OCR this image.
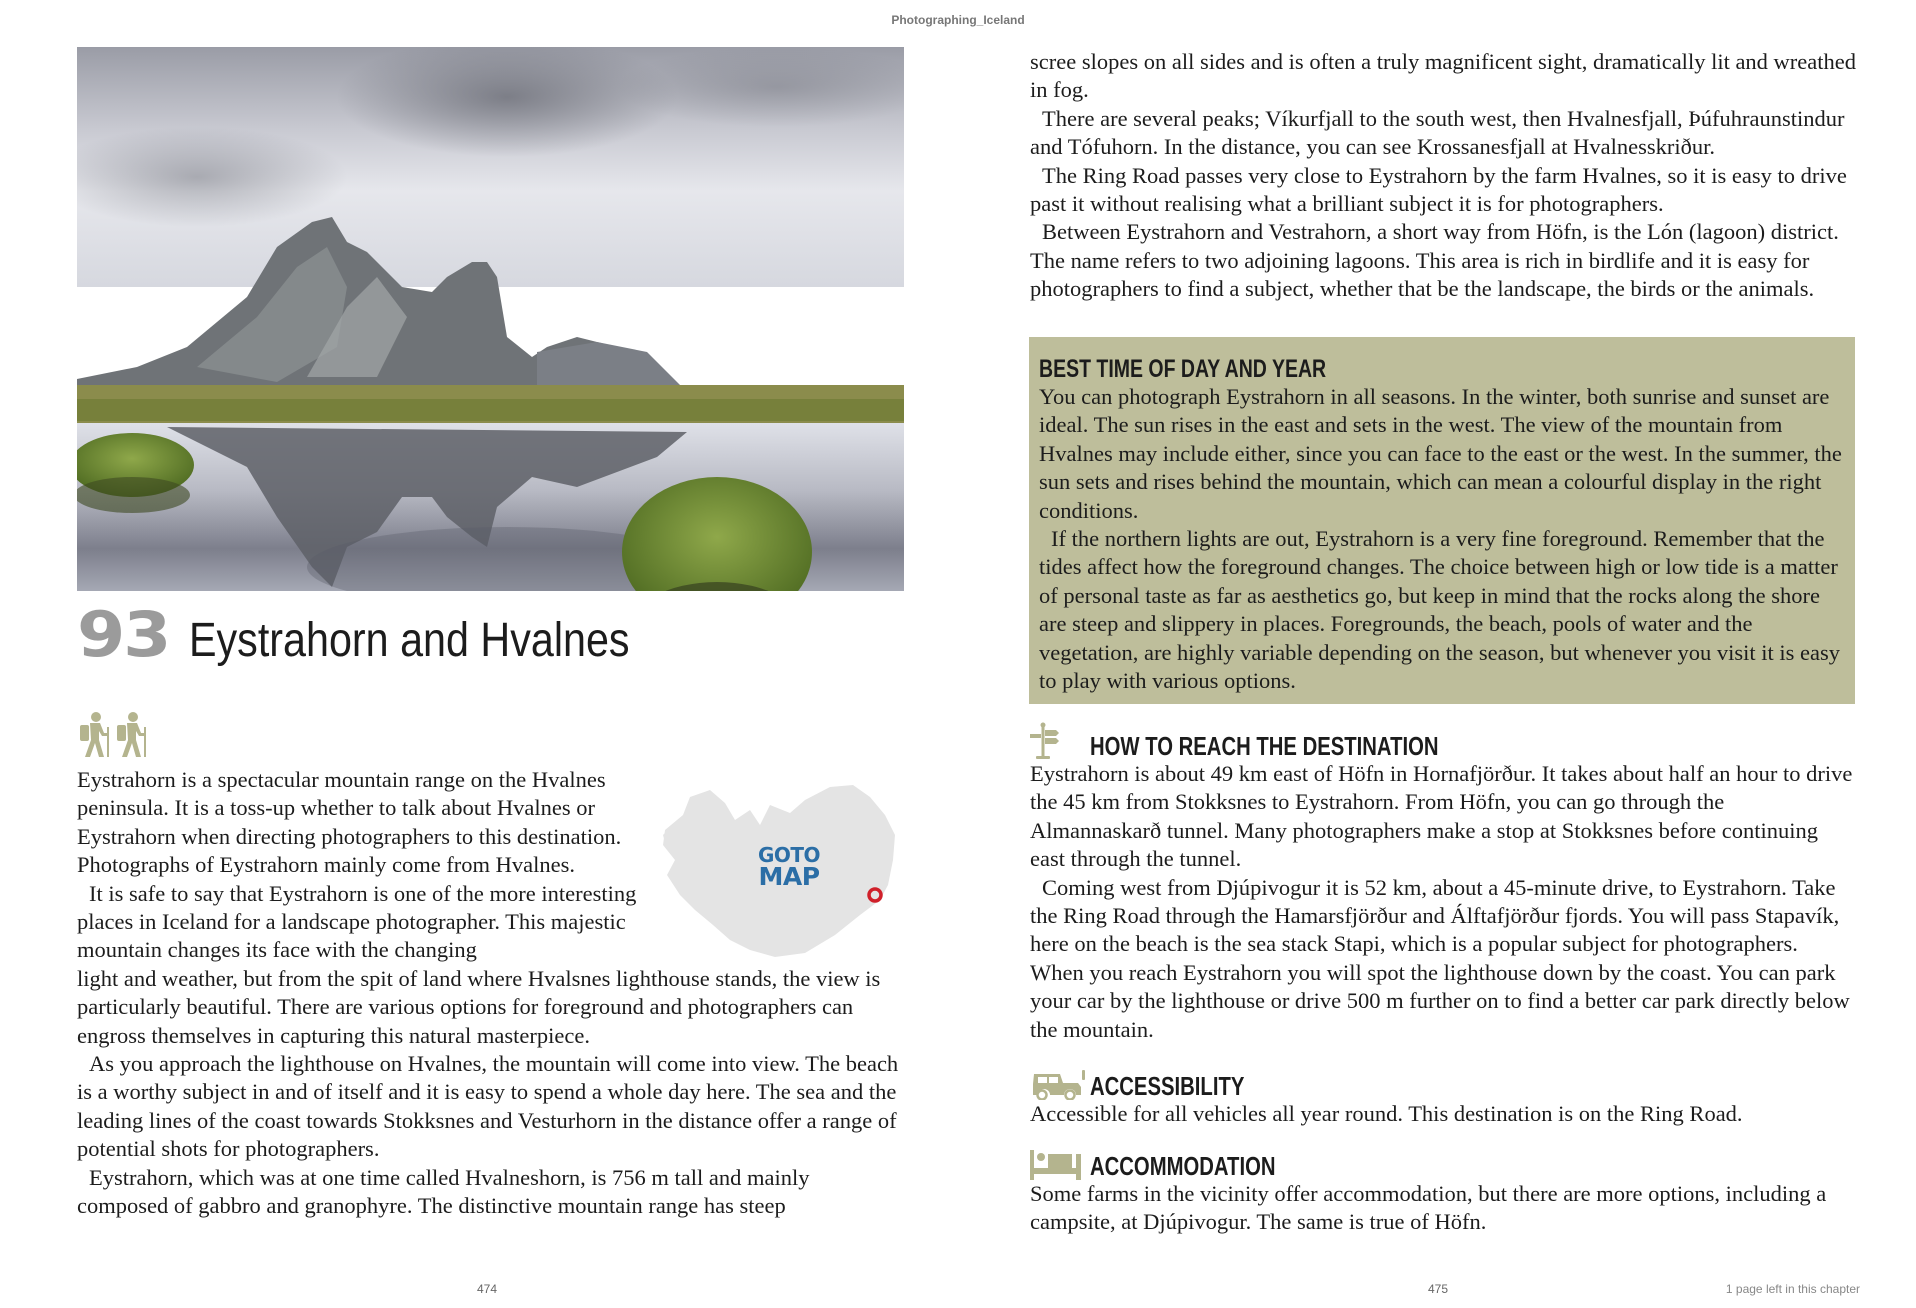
Photographing_Iceland
93 Eystrahorn and Hvalnes
GOTO
MAP

Eystrahorn is a spectacular mountain range on the Hvalnes peninsula. It is a toss-up whether to talk about Hvalnes or Eystrahorn when directing photographers to this destination. Photographs of Eystrahorn mainly come from Hvalnes.

It is safe to say that Eystrahorn is one of the more interesting places in Iceland for a landscape photographer. This majestic mountain changes its face with the changing

light and weather, but from the spit of land where Hvalsnes lighthouse stands, the view is particularly beautiful. There are various options for foreground and photographers can engross themselves in capturing this natural masterpiece.

As you approach the lighthouse on Hvalnes, the mountain will come into view. The beach is a worthy subject in and of itself and it is easy to spend a whole day here. The sea and the leading lines of the coast towards Stokksnes and Vesturhorn in the distance offer a range of potential shots for photographers.

Eystrahorn, which was at one time called Hvalneshorn, is 756 m tall and mainly composed of gabbro and granophyre. The distinctive mountain range has steep

474

scree slopes on all sides and is often a truly magnificent sight, dramatically lit and wreathed in fog.

There are several peaks; Víkurfjall to the south west, then Hvalnesfjall, Þúfuhraunstindur and Tófuhorn. In the distance, you can see Krossanesfjall at Hvalnesskriður.

The Ring Road passes very close to Eystrahorn by the farm Hvalnes, so it is easy to drive past it without realising what a brilliant subject it is for photographers.

Between Eystrahorn and Vestrahorn, a short way from Höfn, is the Lón (lagoon) district. The name refers to two adjoining lagoons. This area is rich in birdlife and it is easy for photographers to find a subject, whether that be the landscape, the birds or the animals.

BEST TIME OF DAY AND YEAR

You can photograph Eystrahorn in all seasons. In the winter, both sunrise and sunset are ideal. The sun rises in the east and sets in the west. The view of the mountain from Hvalnes may include either, since you can face to the east or the west. In the summer, the sun sets and rises behind the mountain, which can mean a colourful display in the right conditions.

If the northern lights are out, Eystrahorn is a very fine foreground. Remember that the tides affect how the foreground changes. The choice between high or low tide is a matter of personal taste as far as aesthetics go, but keep in mind that the rocks along the shore are steep and slippery in places. Foregrounds, the beach, pools of water and the vegetation, are highly variable depending on the season, but whenever you visit it is easy to play with various options.

HOW TO REACH THE DESTINATION

Eystrahorn is about 49 km east of Höfn in Hornafjörður. It takes about half an hour to drive the 45 km from Stokksnes to Eystrahorn. From Höfn, you can go through the Almannaskarð tunnel. Many photographers make a stop at Stokksnes before continuing east through the tunnel.

Coming west from Djúpivogur it is 52 km, about a 45-minute drive, to Eystrahorn. Take the Ring Road through the Hamarsfjörður and Álftafjörður fjords. You will pass Stapavík, here on the beach is the sea stack Stapi, which is a popular subject for photographers. When you reach Eystrahorn you will spot the lighthouse down by the coast. You can park your car by the lighthouse or drive 500 m further on to find a better car park directly below the mountain.

ACCESSIBILITY

Accessible for all vehicles all year round. This destination is on the Ring Road.

ACCOMMODATION

Some farms in the vicinity offer accommodation, but there are more options, including a campsite, at Djúpivogur. The same is true of Höfn.

475	1 page left in this chapter
